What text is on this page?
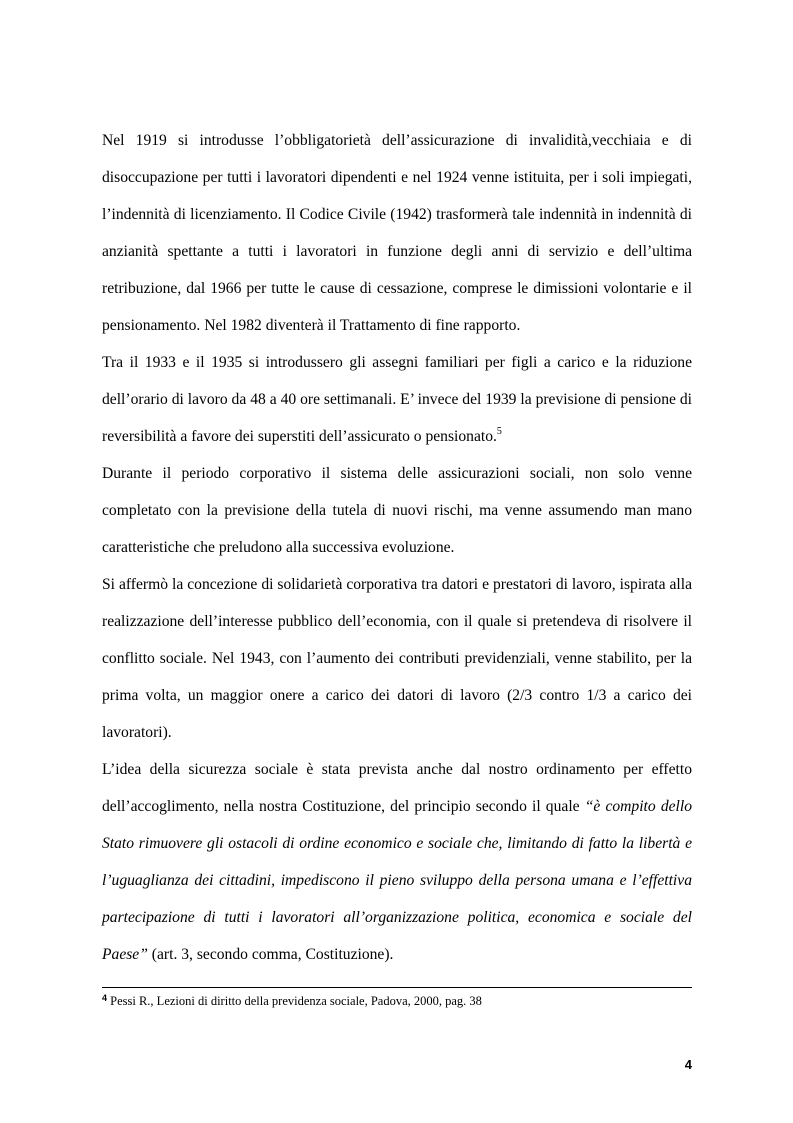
Nel 1919 si introdusse l’obbligatorietà dell’assicurazione di invalidità,vecchiaia e di disoccupazione per tutti i lavoratori dipendenti e nel 1924 venne istituita, per i soli impiegati, l’indennità di licenziamento. Il Codice Civile (1942) trasformerà tale indennità in indennità di anzianità spettante a tutti i lavoratori in funzione degli anni di servizio e dell’ultima retribuzione, dal 1966 per tutte le cause di cessazione, comprese le dimissioni volontarie e il pensionamento. Nel 1982 diventerà il Trattamento di fine rapporto.

Tra il 1933 e il 1935 si introdussero gli assegni familiari per figli a carico e la riduzione dell’orario di lavoro da 48 a 40 ore settimanali. E’ invece del 1939 la previsione di pensione di reversibilità a favore dei superstiti dell’assicurato o pensionato.$^5$

Durante il periodo corporativo il sistema delle assicurazioni sociali, non solo venne completato con la previsione della tutela di nuovi rischi, ma venne assumendo man mano caratteristiche che preludono alla successiva evoluzione.

Si affermò la concezione di solidarietà corporativa tra datori e prestatori di lavoro, ispirata alla realizzazione dell’interesse pubblico dell’economia, con il quale si pretendeva di risolvere il conflitto sociale. Nel 1943, con l’aumento dei contributi previdenziali, venne stabilito, per la prima volta, un maggior onere a carico dei datori di lavoro (2/3 contro 1/3 a carico dei lavoratori).

L’idea della sicurezza sociale è stata prevista anche dal nostro ordinamento per effetto dell’accoglimento, nella nostra Costituzione, del principio secondo il quale “è compito dello Stato rimuovere gli ostacoli di ordine economico e sociale che, limitando di fatto la libertà e l’uguaglianza dei cittadini, impediscono il pieno sviluppo della persona umana e l’effettiva partecipazione di tutti i lavoratori all’organizzazione politica, economica e sociale del Paese” (art. 3, secondo comma, Costituzione).

$^4$ Pessi R., Lezioni di diritto della previdenza sociale, Padova, 2000, pag. 38
4
